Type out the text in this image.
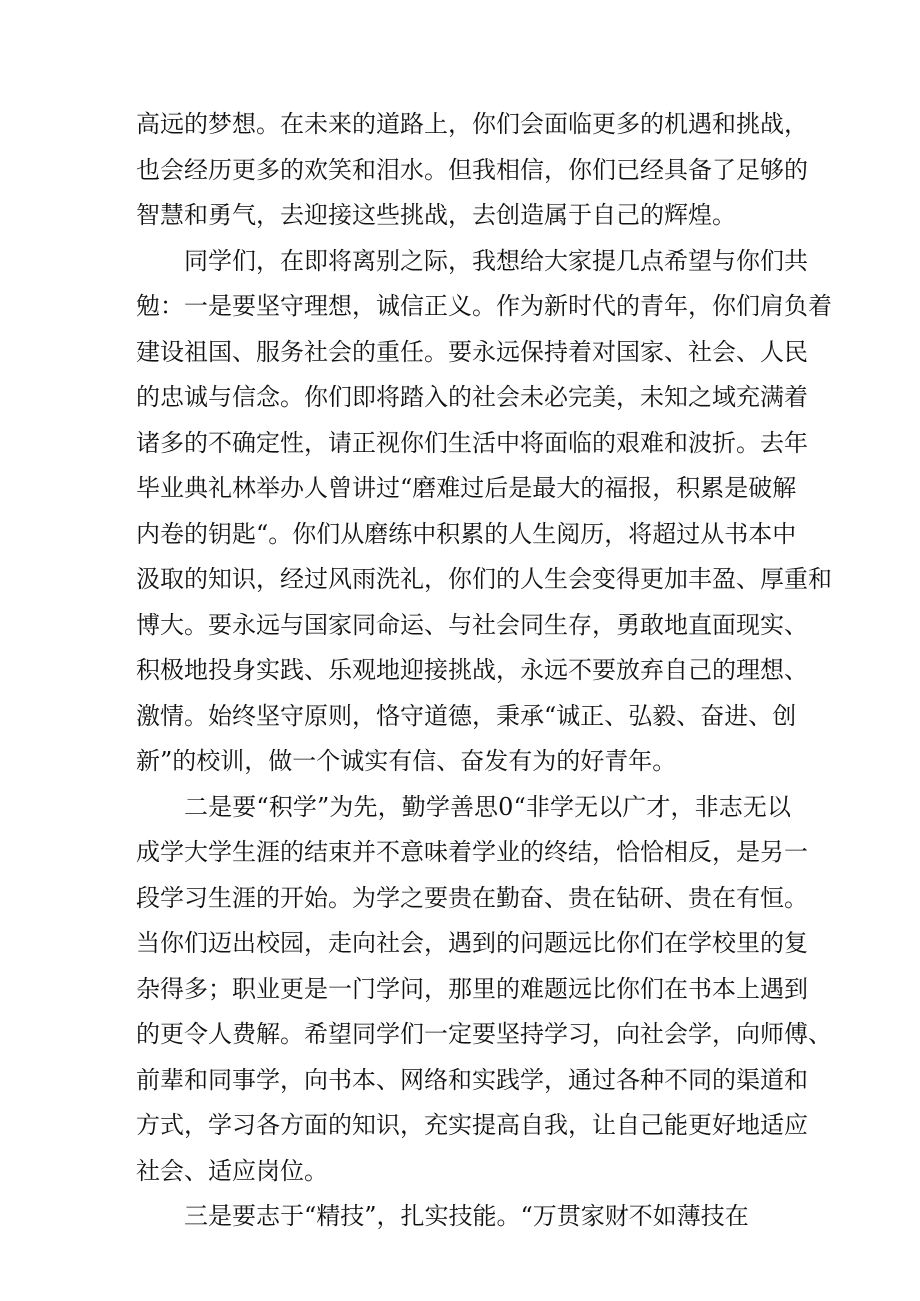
高远的梦想。在未来的道路上，你们会面临更多的机遇和挑战，
也会经历更多的欢笑和泪水。但我相信，你们已经具备了足够的
智慧和勇气，去迎接这些挑战，去创造属于自己的辉煌。
同学们，在即将离别之际，我想给大家提几点希望与你们共
勉：一是要坚守理想，诚信正义。作为新时代的青年，你们肩负着
建设祖国、服务社会的重任。要永远保持着对国家、社会、人民
的忠诚与信念。你们即将踏入的社会未必完美，未知之域充满着
诸多的不确定性，请正视你们生活中将面临的艰难和波折。去年
毕业典礼林举办人曾讲过“磨难过后是最大的福报，积累是破解
内卷的钥匙“。你们从磨练中积累的人生阅历，将超过从书本中
汲取的知识，经过风雨洗礼，你们的人生会变得更加丰盈、厚重和
博大。要永远与国家同命运、与社会同生存，勇敢地直面现实、
积极地投身实践、乐观地迎接挑战，永远不要放弃自己的理想、
激情。始终坚守原则，恪守道德，秉承“诚正、弘毅、奋进、创
新”的校训，做一个诚实有信、奋发有为的好青年。
二是要“积学”为先，勤学善思0“非学无以广才，非志无以
成学大学生涯的结束并不意味着学业的终结，恰恰相反，是另一
段学习生涯的开始。为学之要贵在勤奋、贵在钻研、贵在有恒。
当你们迈出校园，走向社会，遇到的问题远比你们在学校里的复
杂得多；职业更是一门学问，那里的难题远比你们在书本上遇到
的更令人费解。希望同学们一定要坚持学习，向社会学，向师傅、
前辈和同事学，向书本、网络和实践学，通过各种不同的渠道和
方式，学习各方面的知识，充实提高自我，让自己能更好地适应
社会、适应岗位。
三是要志于“精技”，扎实技能。“万贯家财不如薄技在
